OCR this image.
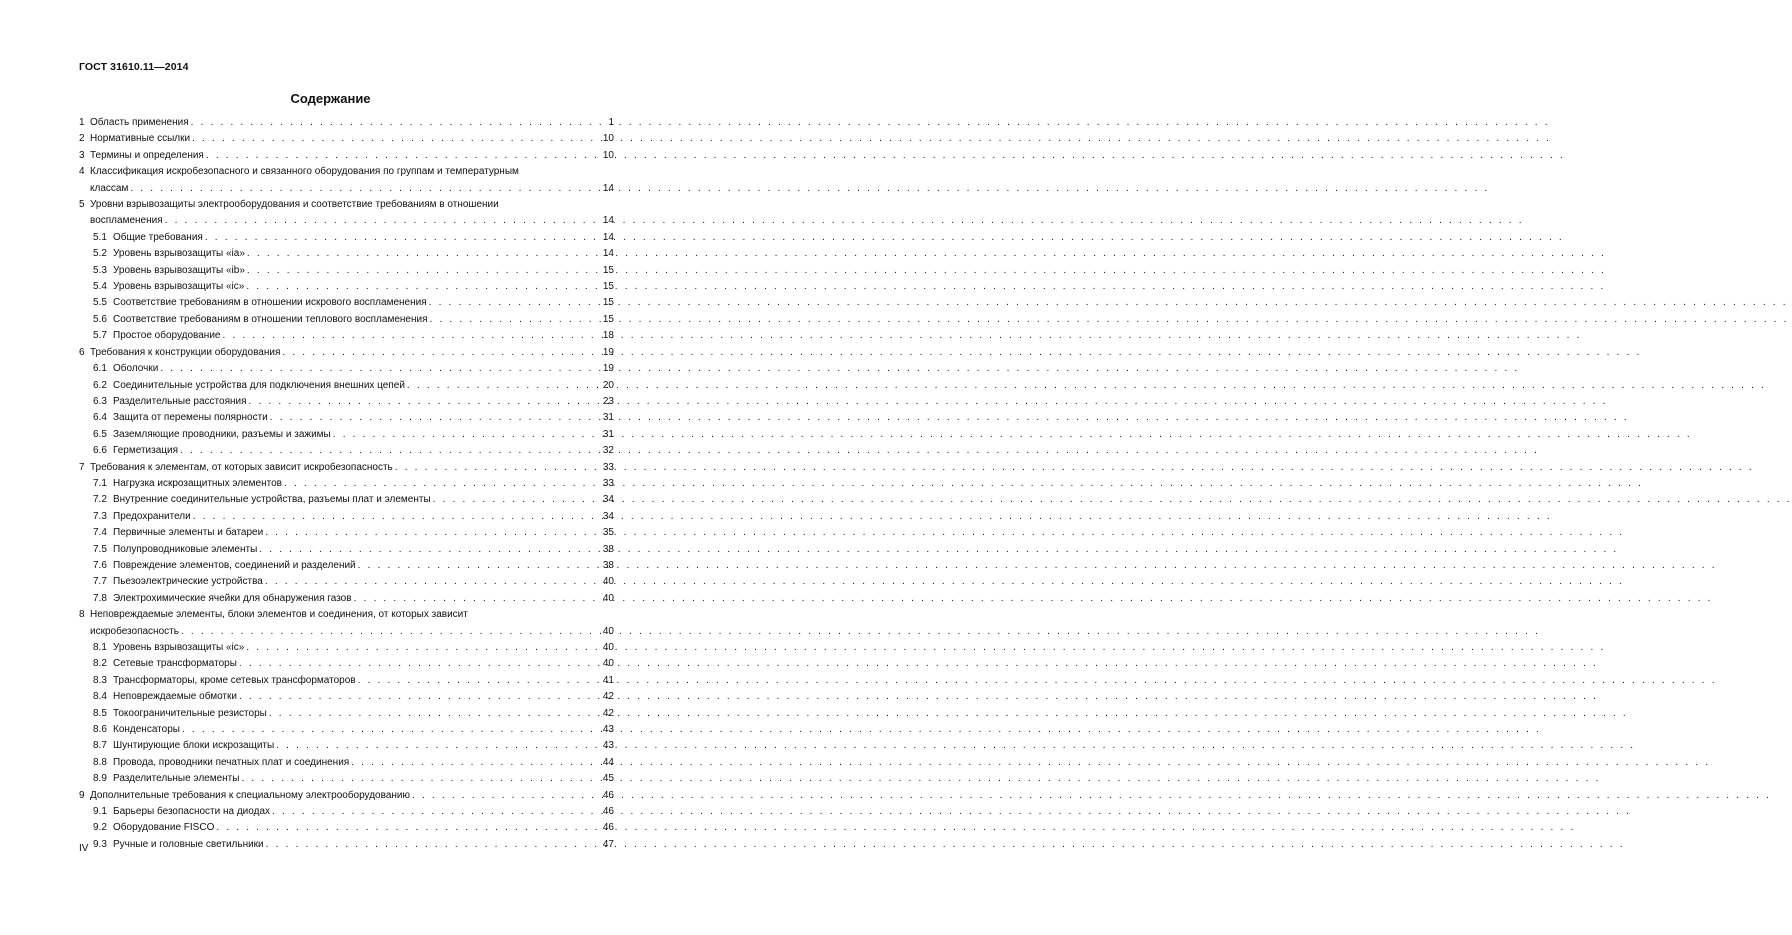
ГОСТ 31610.11—2014
Содержание
1 Область применения . . .	1
2 Нормативные ссылки . . .	10
3 Термины и определения . . .	10
4 Классификация искробезопасного и связанного оборудования по группам и температурным
классам . . .	14
5 Уровни взрывозащиты электрооборудования и соответствие требованиям в отношении
воспламенения . . .	14
5.1 Общие требования . . .	14
5.2 Уровень взрывозащиты «ia» . . .	14
5.3 Уровень взрывозащиты «ib» . . .	15
5.4 Уровень взрывозащиты «ic» . . .	15
5.5 Соответствие требованиям в отношении искрового воспламенения . . .	15
5.6 Соответствие требованиям в отношении теплового воспламенения . . .	15
5.7 Простое оборудование . . .	18
6 Требования к конструкции оборудования . . .	19
6.1 Оболочки . . .	19
6.2 Соединительные устройства для подключения внешних цепей . . .	20
6.3 Разделительные расстояния . . .	23
6.4 Защита от перемены полярности . . .	31
6.5 Заземляющие проводники, разъемы и зажимы . . .	31
6.6 Герметизация . . .	32
7 Требования к элементам, от которых зависит искробезопасность . . .	33
7.1 Нагрузка искрозащитных элементов . . .	33
7.2 Внутренние соединительные устройства, разъемы плат и элементы . . .	34
7.3 Предохранители . . .	34
7.4 Первичные элементы и батареи . . .	35
7.5 Полупроводниковые элементы . . .	38
7.6 Повреждение элементов, соединений и разделений . . .	38
7.7 Пьезоэлектрические устройства . . .	40
7.8 Электрохимические ячейки для обнаружения газов . . .	40
8 Неповреждаемые элементы, блоки элементов и соединения, от которых зависит
искробезопасность . . .	40
8.1 Уровень взрывозащиты «ic» . . .	40
8.2 Сетевые трансформаторы . . .	40
8.3 Трансформаторы, кроме сетевых трансформаторов . . .	41
8.4 Неповреждаемые обмотки . . .	42
8.5 Токоограничительные резисторы . . .	42
8.6 Конденсаторы . . .	43
8.7 Шунтирующие блоки искрозащиты . . .	43
8.8 Провода, проводники печатных плат и соединения . . .	44
8.9 Разделительные элементы . . .	45
9 Дополнительные требования к специальному электрооборудованию . . .	46
9.1 Барьеры безопасности на диодах . . .	46
9.2 Оборудование FISCO . . .	46
9.3 Ручные и головные светильники . . .	47
IV
